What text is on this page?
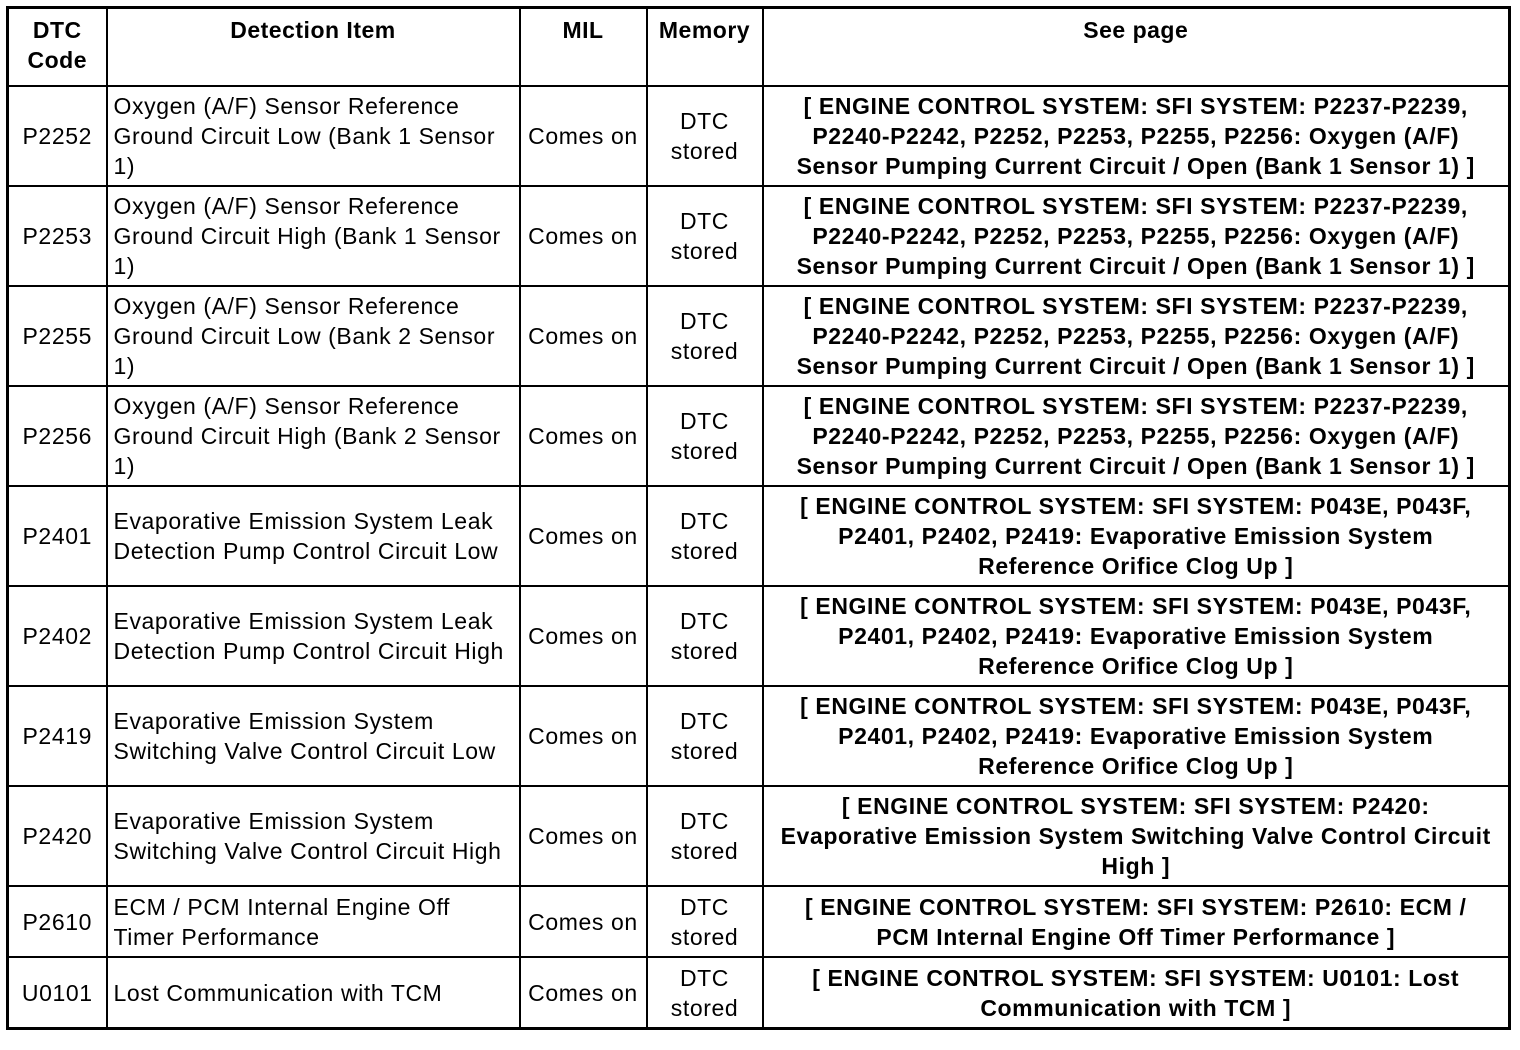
DTC Code	Detection Item	MIL	Memory	See page
P2252	Oxygen (A/F) Sensor Reference Ground Circuit Low (Bank 1 Sensor 1)	Comes on	DTC stored	[ ENGINE CONTROL SYSTEM: SFI SYSTEM: P2237-P2239, P2240-P2242, P2252, P2253, P2255, P2256: Oxygen (A/F) Sensor Pumping Current Circuit / Open (Bank 1 Sensor 1) ]
P2253	Oxygen (A/F) Sensor Reference Ground Circuit High (Bank 1 Sensor 1)	Comes on	DTC stored	[ ENGINE CONTROL SYSTEM: SFI SYSTEM: P2237-P2239, P2240-P2242, P2252, P2253, P2255, P2256: Oxygen (A/F) Sensor Pumping Current Circuit / Open (Bank 1 Sensor 1) ]
P2255	Oxygen (A/F) Sensor Reference Ground Circuit Low (Bank 2 Sensor 1)	Comes on	DTC stored	[ ENGINE CONTROL SYSTEM: SFI SYSTEM: P2237-P2239, P2240-P2242, P2252, P2253, P2255, P2256: Oxygen (A/F) Sensor Pumping Current Circuit / Open (Bank 1 Sensor 1) ]
P2256	Oxygen (A/F) Sensor Reference Ground Circuit High (Bank 2 Sensor 1)	Comes on	DTC stored	[ ENGINE CONTROL SYSTEM: SFI SYSTEM: P2237-P2239, P2240-P2242, P2252, P2253, P2255, P2256: Oxygen (A/F) Sensor Pumping Current Circuit / Open (Bank 1 Sensor 1) ]
P2401	Evaporative Emission System Leak Detection Pump Control Circuit Low	Comes on	DTC stored	[ ENGINE CONTROL SYSTEM: SFI SYSTEM: P043E, P043F, P2401, P2402, P2419: Evaporative Emission System Reference Orifice Clog Up ]
P2402	Evaporative Emission System Leak Detection Pump Control Circuit High	Comes on	DTC stored	[ ENGINE CONTROL SYSTEM: SFI SYSTEM: P043E, P043F, P2401, P2402, P2419: Evaporative Emission System Reference Orifice Clog Up ]
P2419	Evaporative Emission System Switching Valve Control Circuit Low	Comes on	DTC stored	[ ENGINE CONTROL SYSTEM: SFI SYSTEM: P043E, P043F, P2401, P2402, P2419: Evaporative Emission System Reference Orifice Clog Up ]
P2420	Evaporative Emission System Switching Valve Control Circuit High	Comes on	DTC stored	[ ENGINE CONTROL SYSTEM: SFI SYSTEM: P2420: Evaporative Emission System Switching Valve Control Circuit High ]
P2610	ECM / PCM Internal Engine Off Timer Performance	Comes on	DTC stored	[ ENGINE CONTROL SYSTEM: SFI SYSTEM: P2610: ECM / PCM Internal Engine Off Timer Performance ]
U0101	Lost Communication with TCM	Comes on	DTC stored	[ ENGINE CONTROL SYSTEM: SFI SYSTEM: U0101: Lost Communication with TCM ]
